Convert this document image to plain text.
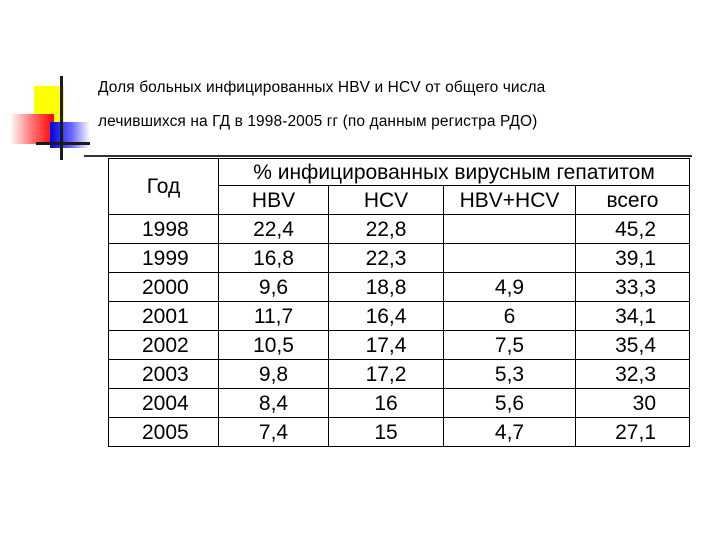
Доля больных инфицированных HBV и HCV от общего числа
лечившихся на ГД в 1998-2005 гг (по данным регистра РДО)
Год	% инфицированных вирусным гепатитом			
	HBV	HCV	HBV+HCV	всего
1998	22,4	22,8		45,2
1999	16,8	22,3		39,1
2000	9,6	18,8	4,9	33,3
2001	11,7	16,4	6	34,1
2002	10,5	17,4	7,5	35,4
2003	9,8	17,2	5,3	32,3
2004	8,4	16	5,6	30
2005	7,4	15	4,7	27,1
